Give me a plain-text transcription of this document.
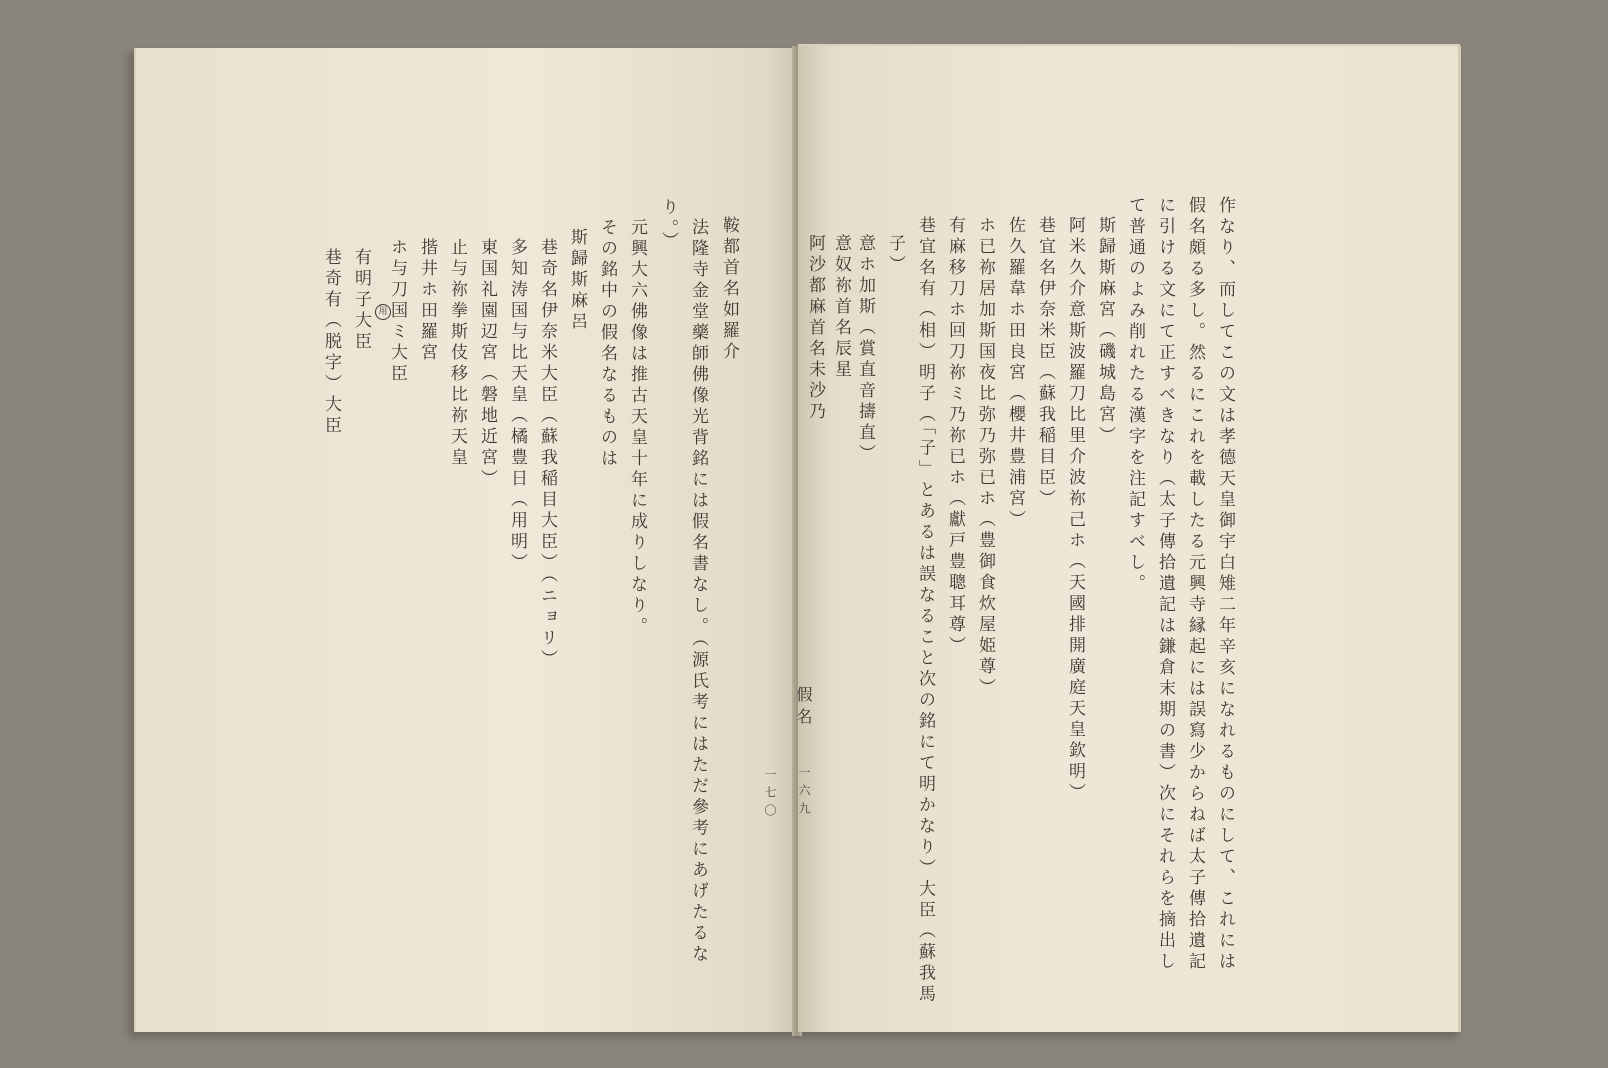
鞍都首名如羅介
法隆寺金堂藥師佛像光背銘には假名書なし。（源氏考にはただ參考にあげたるな
り。）
元興大六佛像は推古天皇十年に成りしなり。
その銘中の假名なるものは
斯歸斯麻呂
巷奇名伊奈米大臣（蘇我稲目大臣）（ニョリ）
多知涛国与比天皇（橘豊日（用明）
東国礼園辺宮（磐地近宮）
止与祢拳斯伎移比祢天皇
揩井ホ田羅宮
ホ与刀国ミ大臣
用
有明子大臣
巷奇有（脱字）大臣
一七〇	作なり、而してこの文は孝德天皇御宇白雉二年辛亥になれるものにして、これには
假名頗る多し。然るにこれを載したる元興寺縁起には誤寫少からねば太子傳拾遺記
に引ける文にて正すべきなり（太子傳拾遺記は鎌倉末期の書）次にそれらを摘出し
て普通のよみ削れたる漢字を注記すべし。
斯歸斯麻宮（磯城島宮）
阿米久介意斯波羅刀比里介波祢己ホ（天國排開廣庭天皇欽明）
巷宜名伊奈米臣（蘇我稲目臣）
佐久羅韋ホ田良宮（櫻井豊浦宮）
ホ已祢居加斯国夜比弥乃弥已ホ（豊御食炊屋姫尊）
有麻移刀ホ回刀祢ミ乃祢已ホ（獻戸豊聰耳尊）
巷宜名有（相）明子（「子」とあるは誤なること次の銘にて明かなり）大臣（蘇我馬
子）
意ホ加斯（賞直音擣直）
意奴祢首名辰星
阿沙都麻首名未沙乃
假名
一六九
